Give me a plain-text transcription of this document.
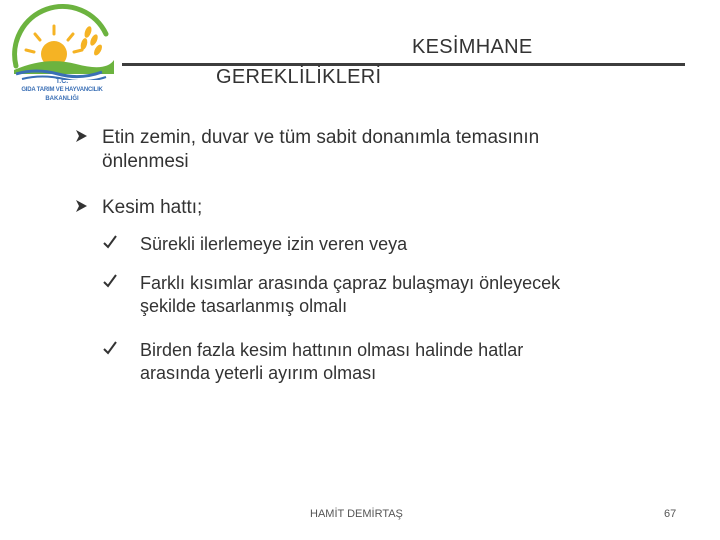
T.C.
GIDA TARIM VE HAYVANCILIK
BAKANLIĞI
KESİMHANE
GEREKLİLİKLERİ
Etin zemin, duvar ve tüm sabit donanımla temasının
önlenmesi
Kesim hattı;
Sürekli ilerlemeye izin veren veya
Farklı kısımlar arasında çapraz bulaşmayı önleyecek
şekilde tasarlanmış olmalı
Birden fazla kesim hattının olması halinde hatlar
arasında yeterli ayırım olması
HAMİT DEMİRTAŞ	67
